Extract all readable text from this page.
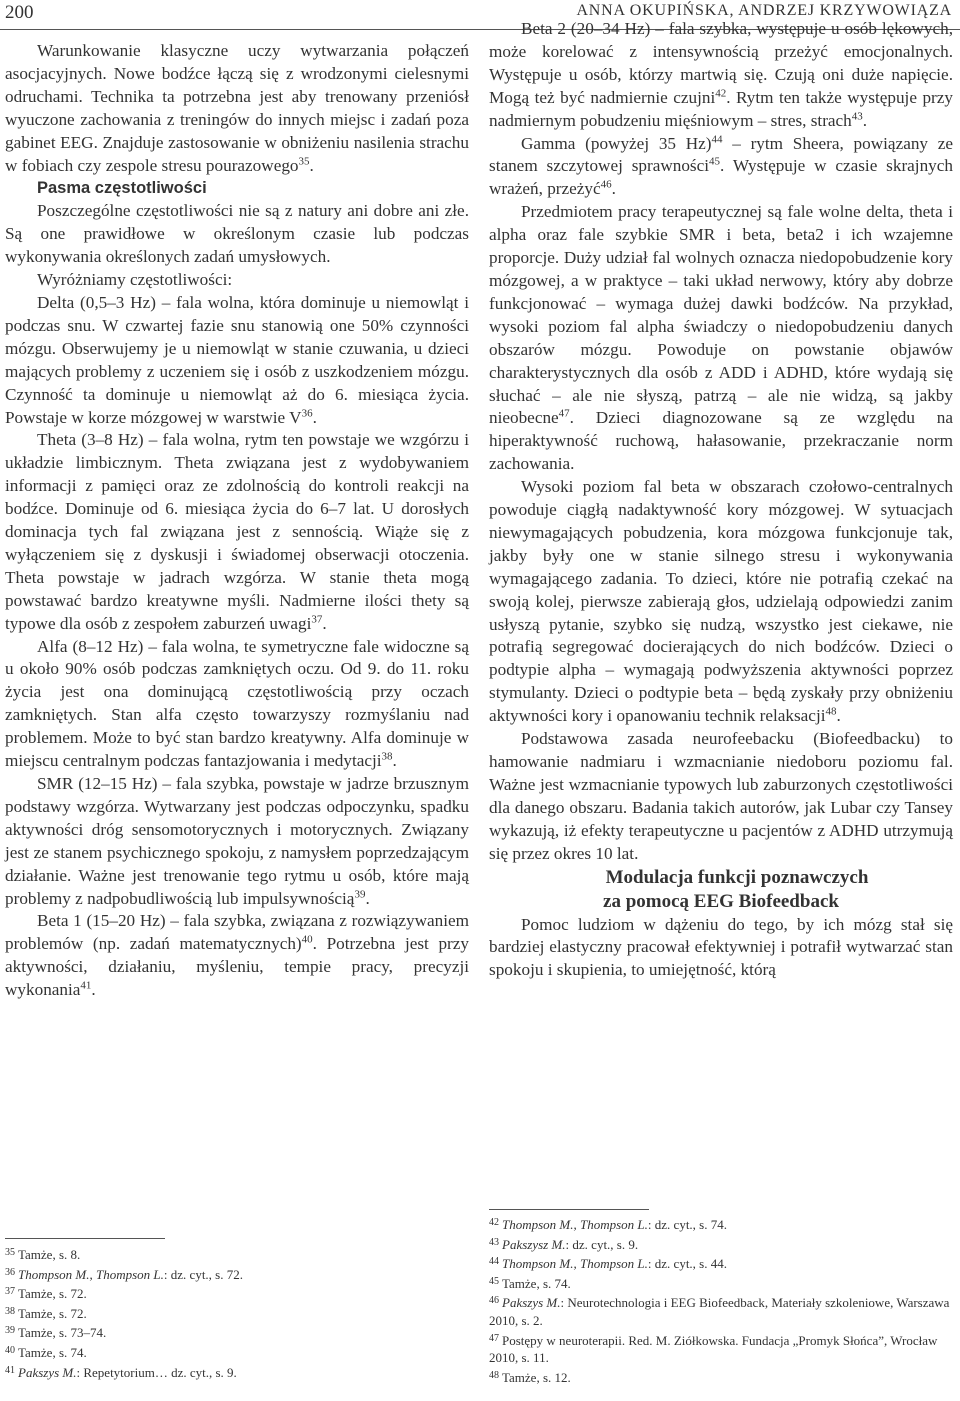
200	ANNA OKUPIŃSKA, ANDRZEJ KRZYWOWIĄZA

Warunkowanie klasyczne uczy wytwarzania połączeń asocjacyjnych. Nowe bodźce łączą się z wrodzonymi cielesnymi odruchami. Technika ta potrzebna jest aby trenowany przeniósł wyuczone zachowania z treningów do innych miejsc i zadań poza gabinet EEG. Znajduje zastosowanie w obniżeniu nasilenia strachu w fobiach czy zespole stresu pourazowego$^{35}$.

Pasma częstotliwości

Poszczególne częstotliwości nie są z natury ani dobre ani złe. Są one prawidłowe w określonym czasie lub podczas wykonywania określonych zadań umysłowych.

Wyróżniamy częstotliwości:

Delta (0,5–3 Hz) – fala wolna, która dominuje u niemowląt i podczas snu. W czwartej fazie snu stanowią one 50% czynności mózgu. Obserwujemy je u niemowląt w stanie czuwania, u dzieci mających problemy z uczeniem się i osób z uszkodzeniem mózgu. Czynność ta dominuje u niemowląt aż do 6. miesiąca życia. Powstaje w korze mózgowej w warstwie $V^{36}$.

Theta (3–8 Hz) – fala wolna, rytm ten powstaje we wzgórzu i układzie limbicznym. Theta związana jest z wydobywaniem informacji z pamięci oraz ze zdolnością do kontroli reakcji na bodźce. Dominuje od 6. miesiąca życia do 6–7 lat. U dorosłych dominacja tych fal związana jest z sennością. Wiąże się z wyłączeniem się z dyskusji i świadomej obserwacji otoczenia. Theta powstaje w jadrach wzgórza. W stanie theta mogą powstawać bardzo kreatywne myśli. Nadmierne ilości thety są typowe dla osób z zespołem zaburzeń uwagi$^{37}$.

Alfa (8–12 Hz) – fala wolna, te symetryczne fale widoczne są u około 90% osób podczas zamkniętych oczu. Od 9. do 11. roku życia jest ona dominującą częstotliwością przy oczach zamkniętych. Stan alfa często towarzyszy rozmyślaniu nad problemem. Może to być stan bardzo kreatywny. Alfa dominuje w miejscu centralnym podczas fantazjowania i medytacji$^{38}$.

SMR (12–15 Hz) – fala szybka, powstaje w jadrze brzusznym podstawy wzgórza. Wytwarzany jest podczas odpoczynku, spadku aktywności dróg sensomotorycznych i motorycznych. Związany jest ze stanem psychicznego spokoju, z namysłem poprzedzającym działanie. Ważne jest trenowanie tego rytmu u osób, które mają problemy z nadpobudliwością lub impulsywnością$^{39}$.

Beta 1 (15–20 Hz) – fala szybka, związana z rozwiązywaniem problemów (np. zadań matematycznych)$^{40}$. Potrzebna jest przy aktywności, działaniu, myśleniu, tempie pracy, precyzji wykonania$^{41}$.

Beta 2 (20–34 Hz) – fala szybka, występuje u osób lękowych, może korelować z intensywnością przeżyć emocjonalnych. Występuje u osób, którzy martwią się. Czują oni duże napięcie. Mogą też być nadmiernie czujni$^{42}$. Rytm ten także występuje przy nadmiernym pobudzeniu mięśniowym – stres, strach$^{43}$.

Gamma (powyżej 35 Hz)$^{44}$ – rytm Sheera, powiązany ze stanem szczytowej sprawności$^{45}$. Występuje w czasie skrajnych wrażeń, przeżyć$^{46}$.

Przedmiotem pracy terapeutycznej są fale wolne delta, theta i alpha oraz fale szybkie SMR i beta, beta2 i ich wzajemne proporcje. Duży udział fal wolnych oznacza niedopobudzenie kory mózgowej, a w praktyce – taki układ nerwowy, który aby dobrze funkcjonować – wymaga dużej dawki bodźców. Na przykład, wysoki poziom fal alpha świadczy o niedopobudzeniu danych obszarów mózgu. Powoduje on powstanie objawów charakterystycznych dla osób z ADD i ADHD, które wydają się słuchać – ale nie słyszą, patrzą – ale nie widzą, są jakby nieobecne$^{47}$. Dzieci diagnozowane są ze względu na hiperaktywność ruchową, hałasowanie, przekraczanie norm zachowania.

Wysoki poziom fal beta w obszarach czołowo-centralnych powoduje ciągłą nadaktywność kory mózgowej. W sytuacjach niewymagających pobudzenia, kora mózgowa funkcjonuje tak, jakby były one w stanie silnego stresu i wykonywania wymagającego zadania. To dzieci, które nie potrafią czekać na swoją kolej, pierwsze zabierają głos, udzielają odpowiedzi zanim usłyszą pytanie, szybko się nudzą, wszystko jest ciekawe, nie potrafią segregować docierających do nich bodźców. Dzieci o podtypie alpha – wymagają podwyższenia aktywności poprzez stymulanty. Dzieci o podtypie beta – będą zyskały przy obniżeniu aktywności kory i opanowaniu technik relaksacji$^{48}$.

Podstawowa zasada neurofeebacku (Biofeedbacku) to hamowanie nadmiaru i wzmacnianie niedoboru poziomu fal. Ważne jest wzmacnianie typowych lub zaburzonych częstotliwości dla danego obszaru. Badania takich autorów, jak Lubar czy Tansey wykazują, iż efekty terapeutyczne u pacjentów z ADHD utrzymują się przez okres 10 lat.

Modulacja funkcji poznawczych
za pomocą EEG Biofeedback

Pomoc ludziom w dążeniu do tego, by ich mózg stał się bardziej elastyczny pracował efektywniej i potrafił wytwarzać stan spokoju i skupienia, to umiejętność, którą

$^{35}$ Tamże, s. 8.
$^{36}$ Thompson M., Thompson L.: dz. cyt., s. 72.
$^{37}$ Tamże, s. 72.
$^{38}$ Tamże, s. 72.
$^{39}$ Tamże, s. 73–74.
$^{40}$ Tamże, s. 74.
$^{41}$ Pakszys M.: Repetytorium… dz. cyt., s. 9.
$^{42}$ Thompson M., Thompson L.: dz. cyt., s. 74.
$^{43}$ Pakszysz M.: dz. cyt., s. 9.
$^{44}$ Thompson M., Thompson L.: dz. cyt., s. 44.
$^{45}$ Tamże, s. 74.
$^{46}$ Pakszys M.: Neurotechnologia i EEG Biofeedback, Materiały szkoleniowe, Warszawa 2010, s. 2.
$^{47}$ Postępy w neuroterapii. Red. M. Ziółkowska. Fundacja „Promyk Słońca”, Wrocław 2010, s. 11.
$^{48}$ Tamże, s. 12.
